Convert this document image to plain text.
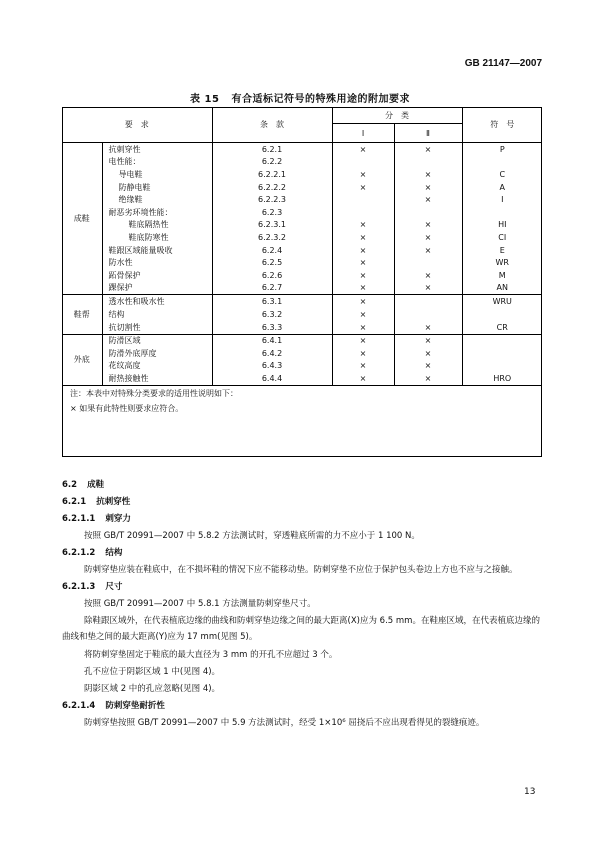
GB 21147—2007
表 15 有合适标记符号的特殊用途的附加要求
要　求		条　款	分　类		符　号
			Ⅰ	Ⅱ	
成鞋	抗刺穿性	6.2.1	×	×	P
	电性能：	6.2.2			
	导电鞋	6.2.2.1	×	×	C
	防静电鞋	6.2.2.2	×	×	A
	绝缘鞋	6.2.2.3		×	I
	耐恶劣环境性能：	6.2.3			
	鞋底隔热性	6.2.3.1	×	×	HI
	鞋底防寒性	6.2.3.2	×	×	CI
	鞋跟区域能量吸收	6.2.4	×	×	E
	防水性	6.2.5	×		WR
	跖骨保护	6.2.6	×	×	M
	踝保护	6.2.7	×	×	AN
鞋帮	透水性和吸水性	6.3.1	×		WRU
	结构	6.3.2	×		
	抗切割性	6.3.3	×	×	CR
外底	防滑区域	6.4.1	×	×	
	防滑外底厚度	6.4.2	×	×	
	花纹高度	6.4.3	×	×	
	耐热接触性	6.4.4	×	×	HRO
注：本表中对特殊分类要求的适用性说明如下：					
× 如果有此特性则要求应符合。					
6.2 成鞋
6.2.1 抗刺穿性
6.2.1.1 刺穿力
按照 GB/T 20991—2007 中 5.8.2 方法测试时，穿透鞋底所需的力不应小于 1 100 N。
6.2.1.2 结构
防刺穿垫应装在鞋底中，在不损坏鞋的情况下应不能移动垫。防刺穿垫不应位于保护包头卷边上方也不应与之接触。
6.2.1.3 尺寸
按照 GB/T 20991—2007 中 5.8.1 方法测量防刺穿垫尺寸。
除鞋跟区域外，在代表植底边缘的曲线和防刺穿垫边缘之间的最大距离(X)应为 6.5 mm。在鞋座区域，在代表植底边缘的曲线和垫之间的最大距离(Y)应为 17 mm(见图 5)。
将防刺穿垫固定于鞋底的最大直径为 3 mm 的开孔不应超过 3 个。
孔不应位于阴影区域 1 中(见图 4)。
阴影区域 2 中的孔应忽略(见图 4)。
6.2.1.4 防刺穿垫耐折性
防刺穿垫按照 GB/T 20991—2007 中 5.9 方法测试时，经受 1×10⁶ 屈挠后不应出现看得见的裂缝痕迹。
13
